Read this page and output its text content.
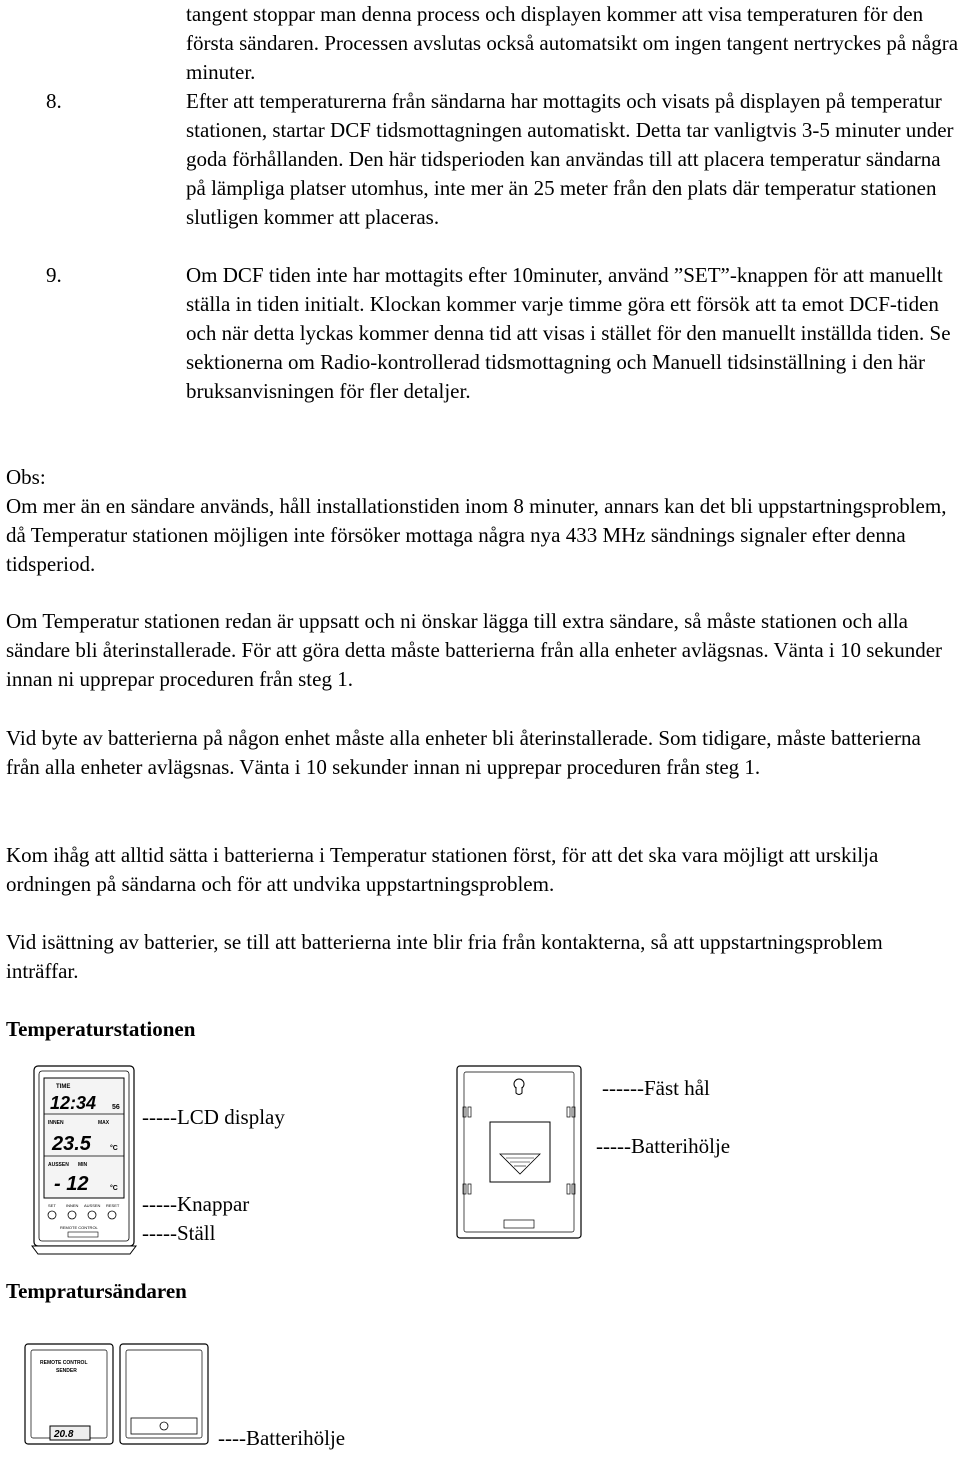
tangent stoppar man denna process och displayen kommer att visa temperaturen för den första sändaren. Processen avslutas också automatsikt om ingen tangent nertryckes på några minuter.
8.	Efter att temperaturerna från sändarna har mottagits och visats på displayen på temperatur stationen, startar DCF tidsmottagningen automatiskt. Detta tar vanligtvis 3-5 minuter under goda förhållanden. Den här tidsperioden kan användas till att placera temperatur sändarna på lämpliga platser utomhus, inte mer än 25 meter från den plats där temperatur stationen slutligen kommer att placeras.
9.	Om DCF tiden inte har mottagits efter 10minuter, använd ”SET”-knappen för att manuellt ställa in tiden initialt. Klockan kommer varje timme göra ett försök att ta emot DCF-tiden och när detta lyckas kommer denna tid att visas i stället för den manuellt inställda tiden. Se sektionerna om Radio-kontrollerad tidsmottagning och Manuell tidsinställning i den här bruksanvisningen för fler detaljer.
Obs:
Om mer än en sändare används, håll installationstiden inom 8 minuter, annars kan det bli uppstartningsproblem, då Temperatur stationen möjligen inte försöker mottaga några nya 433 MHz sändnings signaler efter denna tidsperiod.
Om Temperatur stationen redan är uppsatt och ni önskar lägga till extra sändare, så måste stationen och alla sändare bli återinstallerade. För att göra detta måste batterierna från alla enheter avlägsnas. Vänta i 10 sekunder innan ni upprepar proceduren från steg 1.
Vid byte av batterierna på någon enhet måste alla enheter bli återinstallerade. Som tidigare, måste batterierna från alla enheter avlägsnas. Vänta i 10 sekunder innan ni upprepar proceduren från steg 1.
Kom ihåg att alltid sätta i batterierna i Temperatur stationen först, för att det ska vara möjligt att urskilja ordningen på sändarna och för att undvika uppstartningsproblem.
Vid isättning av batterier, se till att batterierna inte blir fria från kontakterna, så att uppstartningsproblem inträffar.
Temperaturstationen
TIME
12:34 56
INNEN	MAX
23.5	°C
AUSSEN MIN
- 12	°C
SET	INNEN AUSSEN RESET
REMOTE CONTROL
-----LCD display
-----Knappar
-----Ställ
------Fäst hål
-----Batterihölje
Tempratursändaren
REMOTE CONTROL
SENDER
20.8	----Batterihölje
